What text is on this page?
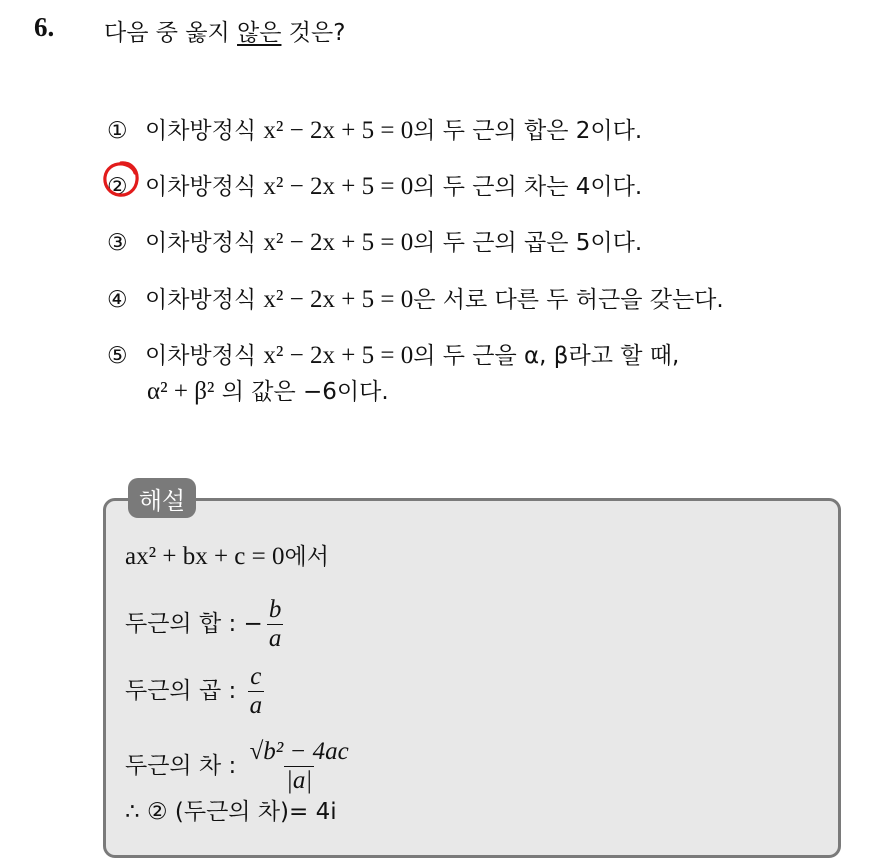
6. 다음 중 옳지 않은 것은?
① 이차방정식 x² − 2x + 5 = 0의 두 근의 합은 2이다.
② 이차방정식 x² − 2x + 5 = 0의 두 근의 차는 4이다.
③ 이차방정식 x² − 2x + 5 = 0의 두 근의 곱은 5이다.
④ 이차방정식 x² − 2x + 5 = 0은 서로 다른 두 허근을 갖는다.
⑤ 이차방정식 x² − 2x + 5 = 0의 두 근을 α, β라고 할 때,
α² + β² 의 값은 −6이다.
해설
ax² + bx + c = 0에서
두근의 합 : − $\frac{b}{a}$
두근의 곱 : $\frac{c}{a}$
두근의 차 : $\frac{\text{√b² − 4ac}}{|a|}$
∴ ② (두근의 차)= 4i
